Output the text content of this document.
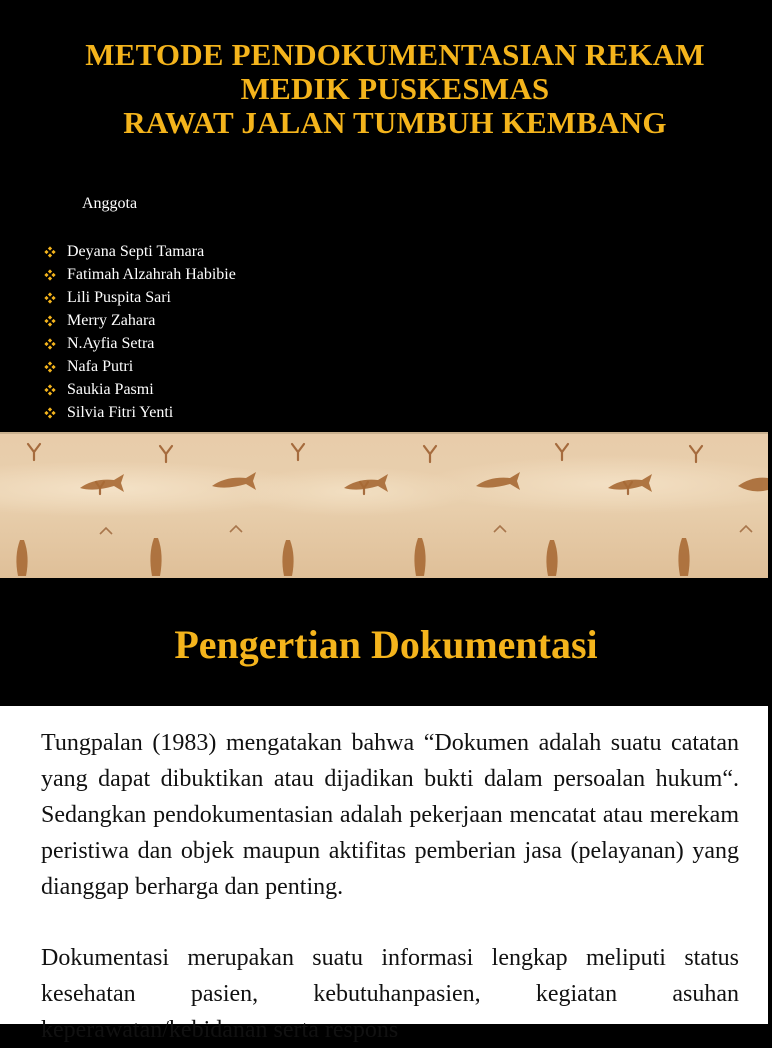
METODE PENDOKUMENTASIAN REKAM
MEDIK PUSKESMAS
RAWAT JALAN TUMBUH KEMBANG
Anggota
Deyana Septi Tamara
Fatimah Alzahrah Habibie
Lili Puspita Sari
Merry Zahara
N.Ayfia Setra
Nafa Putri
Saukia Pasmi
Silvia Fitri Yenti
Pengertian Dokumentasi

Tungpalan (1983) mengatakan bahwa “Dokumen adalah suatu catatan yang dapat dibuktikan atau dijadikan bukti dalam persoalan hukum“. Sedangkan pendokumentasian adalah pekerjaan mencatat atau merekam peristiwa dan objek maupun aktifitas pemberian jasa (pelayanan) yang dianggap berharga dan penting.

Dokumentasi merupakan suatu informasi lengkap meliputi status kesehatan pasien, kebutuhanpasien, kegiatan asuhan keperawatan/kebidanan serta respons
